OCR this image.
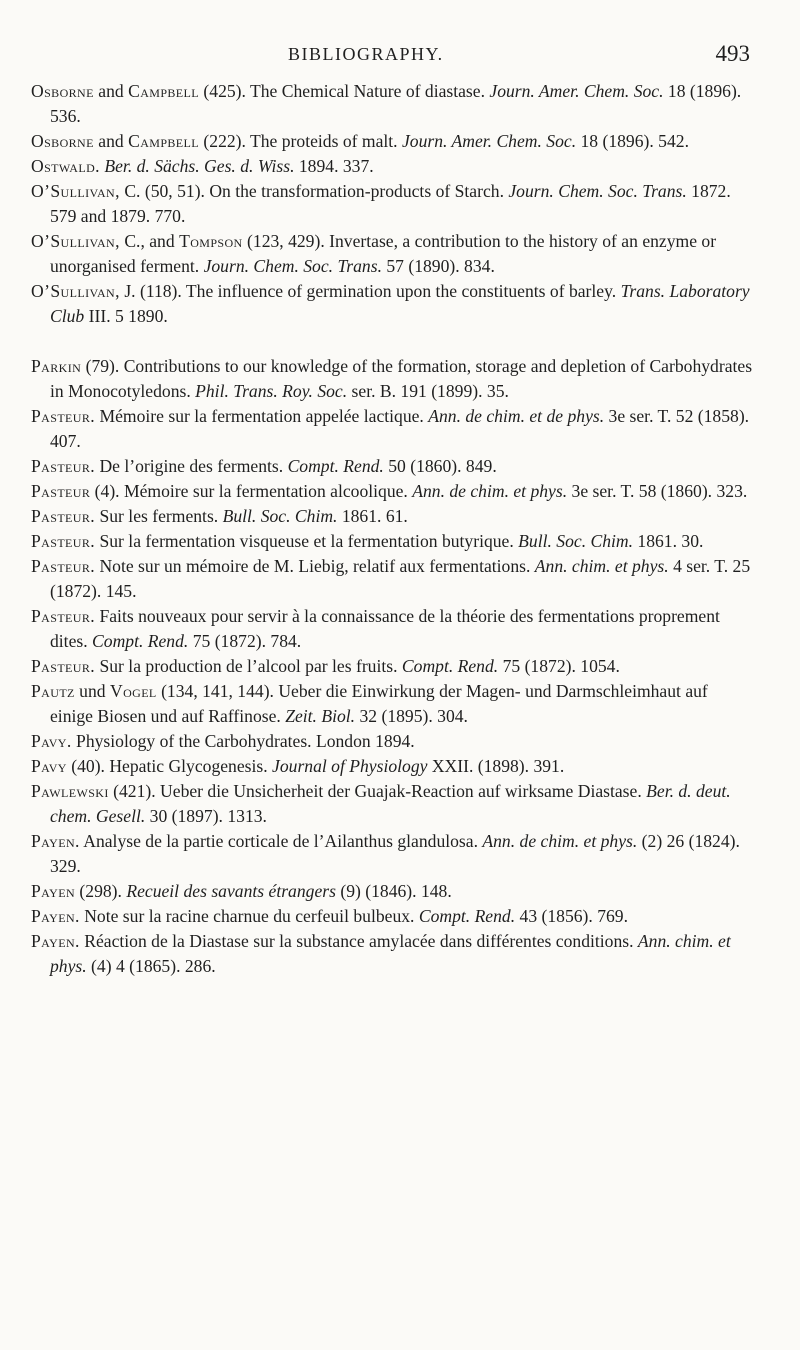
BIBLIOGRAPHY.	493
Osborne and Campbell (425). The Chemical Nature of diastase. Journ. Amer. Chem. Soc. 18 (1896). 536.
Osborne and Campbell (222). The proteids of malt. Journ. Amer. Chem. Soc. 18 (1896). 542.
Ostwald. Ber. d. Sächs. Ges. d. Wiss. 1894. 337.
O’Sullivan, C. (50, 51). On the transformation-products of Starch. Journ. Chem. Soc. Trans. 1872. 579 and 1879. 770.
O’Sullivan, C., and Tompson (123, 429). Invertase, a contribution to the history of an enzyme or unorganised ferment. Journ. Chem. Soc. Trans. 57 (1890). 834.
O’Sullivan, J. (118). The influence of germination upon the constituents of barley. Trans. Laboratory Club III. 5 1890.
Parkin (79). Contributions to our knowledge of the formation, storage and depletion of Carbohydrates in Monocotyledons. Phil. Trans. Roy. Soc. ser. B. 191 (1899). 35.
Pasteur. Mémoire sur la fermentation appelée lactique. Ann. de chim. et de phys. 3e ser. T. 52 (1858). 407.
Pasteur. De l’origine des ferments. Compt. Rend. 50 (1860). 849.
Pasteur (4). Mémoire sur la fermentation alcoolique. Ann. de chim. et phys. 3e ser. T. 58 (1860). 323.
Pasteur. Sur les ferments. Bull. Soc. Chim. 1861. 61.
Pasteur. Sur la fermentation visqueuse et la fermentation butyrique. Bull. Soc. Chim. 1861. 30.
Pasteur. Note sur un mémoire de M. Liebig, relatif aux fermentations. Ann. chim. et phys. 4 ser. T. 25 (1872). 145.
Pasteur. Faits nouveaux pour servir à la connaissance de la théorie des fermentations proprement dites. Compt. Rend. 75 (1872). 784.
Pasteur. Sur la production de l’alcool par les fruits. Compt. Rend. 75 (1872). 1054.
Pautz und Vogel (134, 141, 144). Ueber die Einwirkung der Magen- und Darmschleimhaut auf einige Biosen und auf Raffinose. Zeit. Biol. 32 (1895). 304.
Pavy. Physiology of the Carbohydrates. London 1894.
Pavy (40). Hepatic Glycogenesis. Journal of Physiology XXII. (1898). 391.
Pawlewski (421). Ueber die Unsicherheit der Guajak-Reaction auf wirksame Diastase. Ber. d. deut. chem. Gesell. 30 (1897). 1313.
Payen. Analyse de la partie corticale de l’Ailanthus glandulosa. Ann. de chim. et phys. (2) 26 (1824). 329.
Payen (298). Recueil des savants étrangers (9) (1846). 148.
Payen. Note sur la racine charnue du cerfeuil bulbeux. Compt. Rend. 43 (1856). 769.
Payen. Réaction de la Diastase sur la substance amylacée dans différentes conditions. Ann. chim. et phys. (4) 4 (1865). 286.
